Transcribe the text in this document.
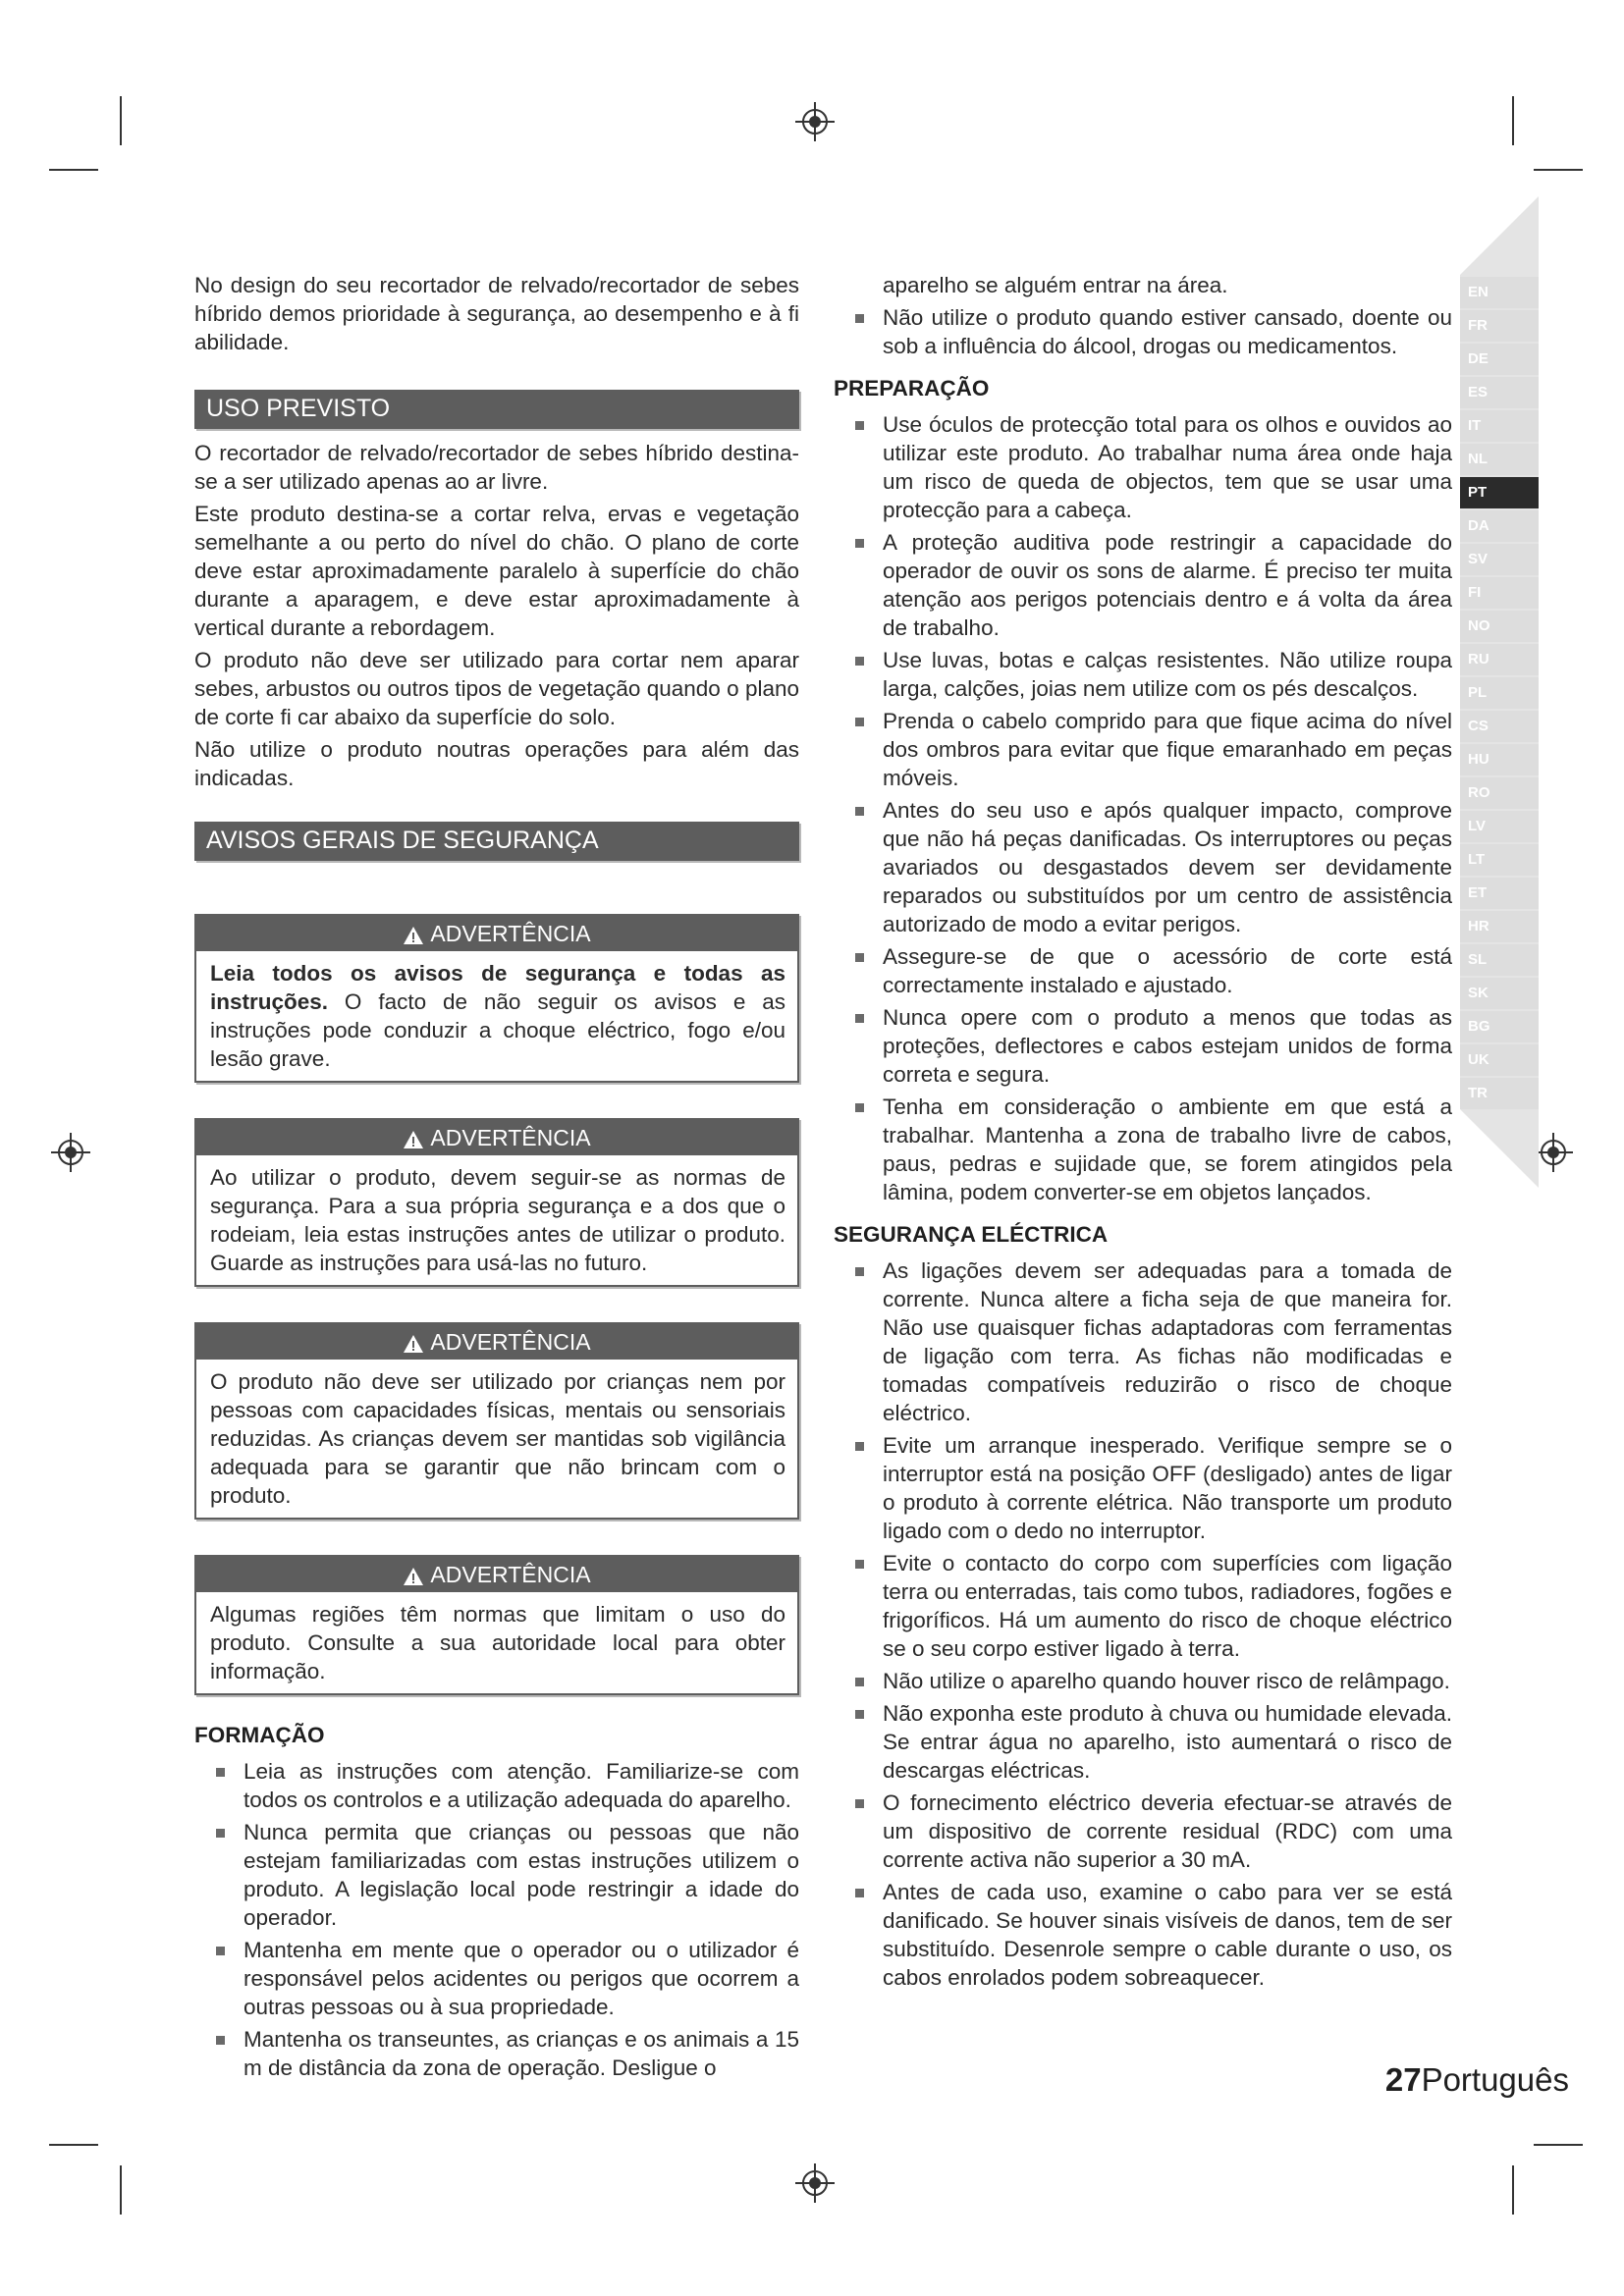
EN
FR
DE
ES
IT
NL
PT
DA
SV
FI
NO
RU
PL
CS
HU
RO
LV
LT
ET
HR
SL
SK
BG
UK
TR

No design do seu recortador de relvado/recortador de sebes híbrido demos prioridade à segurança, ao desempenho e à fi abilidade.

USO PREVISTO

O recortador de relvado/recortador de sebes híbrido destina-se a ser utilizado apenas ao ar livre.

Este produto destina-se a cortar relva, ervas e vegetação semelhante a ou perto do nível do chão. O plano de corte deve estar aproximadamente paralelo à superfície do chão durante a aparagem, e deve estar aproximadamente à vertical durante a rebordagem.

O produto não deve ser utilizado para cortar nem aparar sebes, arbustos ou outros tipos de vegetação quando o plano de corte fi car abaixo da superfície do solo.

Não utilize o produto noutras operações para além das indicadas.

AVISOS GERAIS DE SEGURANÇA
ADVERTÊNCIA

Leia todos os avisos de segurança e todas as instruções. O facto de não seguir os avisos e as instruções pode conduzir a choque eléctrico, fogo e/ou lesão grave.

ADVERTÊNCIA

Ao utilizar o produto, devem seguir-se as normas de segurança. Para a sua própria segurança e a dos que o rodeiam, leia estas instruções antes de utilizar o produto. Guarde as instruções para usá-las no futuro.

ADVERTÊNCIA

O produto não deve ser utilizado por crianças nem por pessoas com capacidades físicas, mentais ou sensoriais reduzidas. As crianças devem ser mantidas sob vigilância adequada para se garantir que não brincam com o produto.

ADVERTÊNCIA

Algumas regiões têm normas que limitam o uso do produto. Consulte a sua autoridade local para obter informação.

FORMAÇÃO
Leia as instruções com atenção. Familiarize-se com todos os controlos e a utilização adequada do aparelho.
Nunca permita que crianças ou pessoas que não estejam familiarizadas com estas instruções utilizem o produto. A legislação local pode restringir a idade do operador.
Mantenha em mente que o operador ou o utilizador é responsável pelos acidentes ou perigos que ocorrem a outras pessoas ou à sua propriedade.
Mantenha os transeuntes, as crianças e os animais a 15 m de distância da zona de operação. Desligue o

aparelho se alguém entrar na área.

Não utilize o produto quando estiver cansado, doente ou sob a influência do álcool, drogas ou medicamentos.
PREPARAÇÃO
Use óculos de protecção total para os olhos e ouvidos ao utilizar este produto. Ao trabalhar numa área onde haja um risco de queda de objectos, tem que se usar uma protecção para a cabeça.
A proteção auditiva pode restringir a capacidade do operador de ouvir os sons de alarme. É preciso ter muita atenção aos perigos potenciais dentro e á volta da área de trabalho.
Use luvas, botas e calças resistentes. Não utilize roupa larga, calções, joias nem utilize com os pés descalços.
Prenda o cabelo comprido para que fique acima do nível dos ombros para evitar que fique emaranhado em peças móveis.
Antes do seu uso e após qualquer impacto, comprove que não há peças danificadas. Os interruptores ou peças avariados ou desgastados devem ser devidamente reparados ou substituídos por um centro de assistência autorizado de modo a evitar perigos.
Assegure-se de que o acessório de corte está correctamente instalado e ajustado.
Nunca opere com o produto a menos que todas as proteções, deflectores e cabos estejam unidos de forma correta e segura.
Tenha em consideração o ambiente em que está a trabalhar. Mantenha a zona de trabalho livre de cabos, paus, pedras e sujidade que, se forem atingidos pela lâmina, podem converter-se em objetos lançados.
SEGURANÇA ELÉCTRICA
As ligações devem ser adequadas para a tomada de corrente. Nunca altere a ficha seja de que maneira for. Não use quaisquer fichas adaptadoras com ferramentas de ligação com terra. As fichas não modificadas e tomadas compatíveis reduzirão o risco de choque eléctrico.
Evite um arranque inesperado. Verifique sempre se o interruptor está na posição OFF (desligado) antes de ligar o produto à corrente elétrica. Não transporte um produto ligado com o dedo no interruptor.
Evite o contacto do corpo com superfícies com ligação terra ou enterradas, tais como tubos, radiadores, fogões e frigoríficos. Há um aumento do risco de choque eléctrico se o seu corpo estiver ligado à terra.
Não utilize o aparelho quando houver risco de relâmpago.
Não exponha este produto à chuva ou humidade elevada. Se entrar água no aparelho, isto aumentará o risco de descargas eléctricas.
O fornecimento eléctrico deveria efectuar-se através de um dispositivo de corrente residual (RDC) com uma corrente activa não superior a 30 mA.
Antes de cada uso, examine o cabo para ver se está danificado. Se houver sinais visíveis de danos, tem de ser substituído. Desenrole sempre o cable durante o uso, os cabos enrolados podem sobreaquecer.
27Português
